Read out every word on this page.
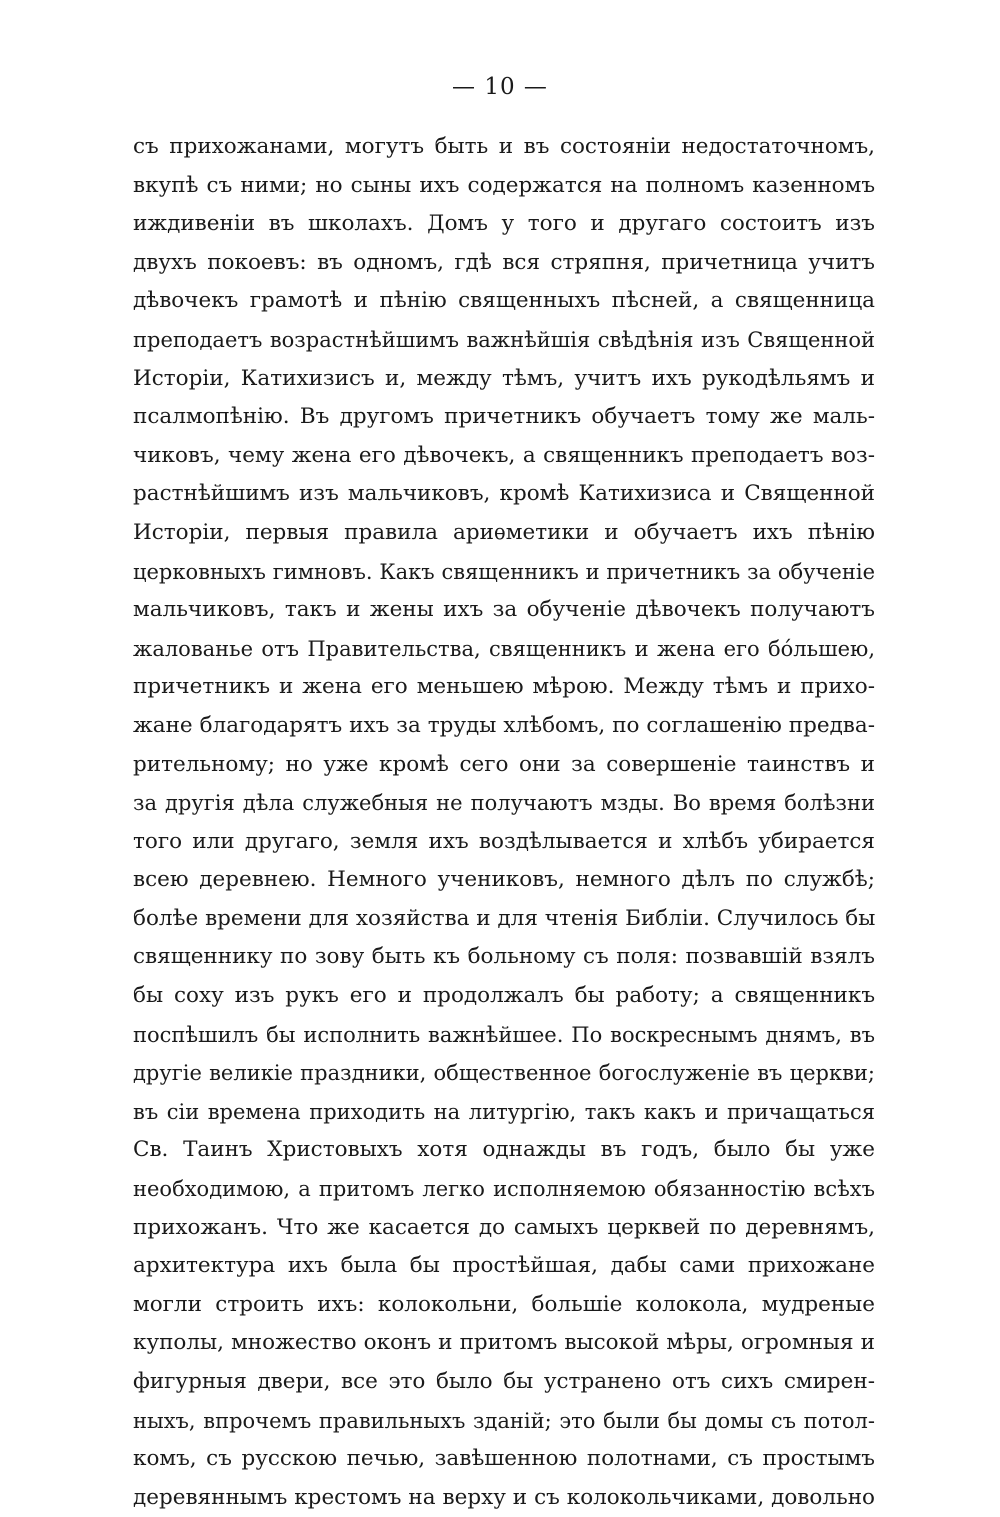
— 10 —
съ прихожанами, могутъ быть и въ состояніи недостаточномъ,
вкупѣ съ ними; но сыны ихъ содержатся на полномъ казенномъ
иждивеніи въ школахъ. Домъ у того и другаго состоитъ изъ
двухъ покоевъ: въ одномъ, гдѣ вся стряпня, причетница учитъ
дѣвочекъ грамотѣ и пѣнію священныхъ пѣсней, а священница
преподаетъ возрастнѣйшимъ важнѣйшія свѣдѣнія изъ Священной
Исторіи, Катихизисъ и, между тѣмъ, учитъ ихъ рукодѣльямъ и
псалмопѣнію. Въ другомъ причетникъ обучаетъ тому же маль-
чиковъ, чему жена его дѣвочекъ, а священникъ преподаетъ воз-
растнѣйшимъ изъ мальчиковъ, кромѣ Катихизиса и Священной
Исторіи, первыя правила ариѳметики и обучаетъ ихъ пѣнію
церковныхъ гимновъ. Какъ священникъ и причетникъ за обученіе
мальчиковъ, такъ и жены ихъ за обученіе дѣвочекъ получаютъ
жалованье отъ Правительства, священникъ и жена его бóльшею,
причетникъ и жена его меньшею мѣрою. Между тѣмъ и прихо-
жане благодарятъ ихъ за труды хлѣбомъ, по соглашенію предва-
рительному; но уже кромѣ сего они за совершеніе таинствъ и
за другія дѣла служебныя не получаютъ мзды. Во время болѣзни
того или другаго, земля ихъ воздѣлывается и хлѣбъ убирается
всею деревнею. Немного учениковъ, немного дѣлъ по службѣ;
болѣе времени для хозяйства и для чтенія Библіи. Случилось бы
священнику по зову быть къ больному съ поля: позвавшій взялъ
бы соху изъ рукъ его и продолжалъ бы работу; а священникъ
поспѣшилъ бы исполнить важнѣйшее. По воскреснымъ днямъ, въ
другіе великіе праздники, общественное богослуженіе въ церкви;
въ сіи времена приходить на литургію, такъ какъ и причащаться
Св. Таинъ Христовыхъ хотя однажды въ годъ, было бы уже
необходимою, а притомъ легко исполняемою обязанностію всѣхъ
прихожанъ. Что же касается до самыхъ церквей по деревнямъ,
архитектура ихъ была бы простѣйшая, дабы сами прихожане
могли строить ихъ: колокольни, большіе колокола, мудреные
куполы, множество оконъ и притомъ высокой мѣры, огромныя и
фигурныя двери, все это было бы устранено отъ сихъ смирен-
ныхъ, впрочемъ правильныхъ зданій; это были бы домы съ потол-
комъ, съ русскою печью, завѣшенною полотнами, съ простымъ
деревяннымъ крестомъ на верху и съ колокольчиками, довольно
